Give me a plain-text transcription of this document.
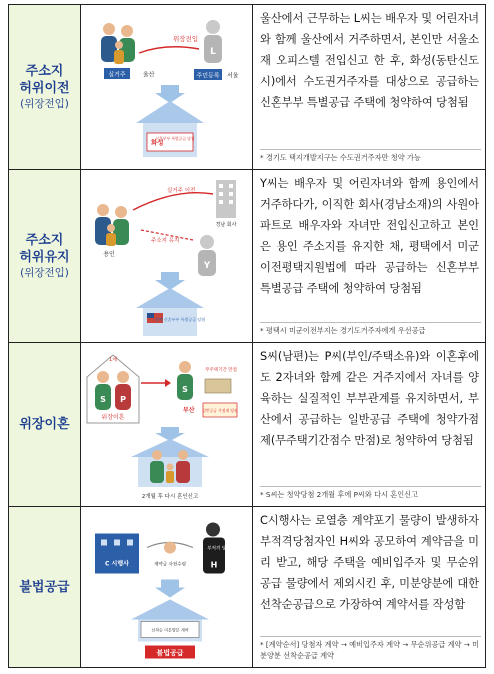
주소지
허위이전
(위장전입)
실거주	울산
위장전입
L
주민등록 서울
화성
신혼부부 특별공급 당첨
울산에서 근무하는 L씨는 배우자 및 어린자녀와 함께 울산에서 거주하면서, 본인만 서울소재 오피스텔 전입신고 한 후, 화성(동탄신도시)에서 수도권거주자를 대상으로 공급하는 신혼부부 특별공급 주택에 청약하여 당첨됨
* 경기도 택지개발지구는 수도권거주자만 청약 가능
주소지
허위유지
(위장전입)
용인
실거주 이전
경남 회사
주소지 유지
Y
평택 신혼부부 특별공급 당첨
Y씨는 배우자 및 어린자녀와 함께 용인에서 거주하다가, 이직한 회사(경남소재)의 사원아파트로 배우자와 자녀만 전입신고하고 본인은 용인 주소지를 유지한 채, 평택에서 미군이전평택지원법에 따라 공급하는 신혼부부 특별공급 주택에 청약하여 당첨됨
* 평택시 미군이전부지는 경기도거주자에게 우선공급
위장이혼
1채
S P
위장이혼
S
무주택기간 만점
부산 일반공급 가점제 당첨
2개월 후 다시 혼인신고
S씨(남편)는 P씨(부인/주택소유)와 이혼후에도 2자녀와 함께 같은 거주지에서 자녀를 양육하는 실질적인 부부관계를 유지하면서, 부산에서 공급하는 일반공급 주택에 청약가점제(무주택기간점수 만점)로 청약하여 당첨됨
* S씨는 청약당첨 2개월 후에 P씨와 다시 혼인신고
불법공급
C 시행사
부적격 당첨자
H
계약금 사전수령
선착순 미분양분 계약
불법공급
C시행사는 로열층 계약포기 물량이 발생하자 부적격당첨자인 H씨와 공모하여 계약금을 미리 받고, 해당 주택을 예비입주자 및 무순위공급 물량에서 제외시킨 후, 미분양분에 대한 선착순공급으로 가장하여 계약서를 작성함
* [계약순서] 당첨자 계약 → 예비입주자 계약 → 무순위공급 계약 → 미분양분 선착순공급 계약
